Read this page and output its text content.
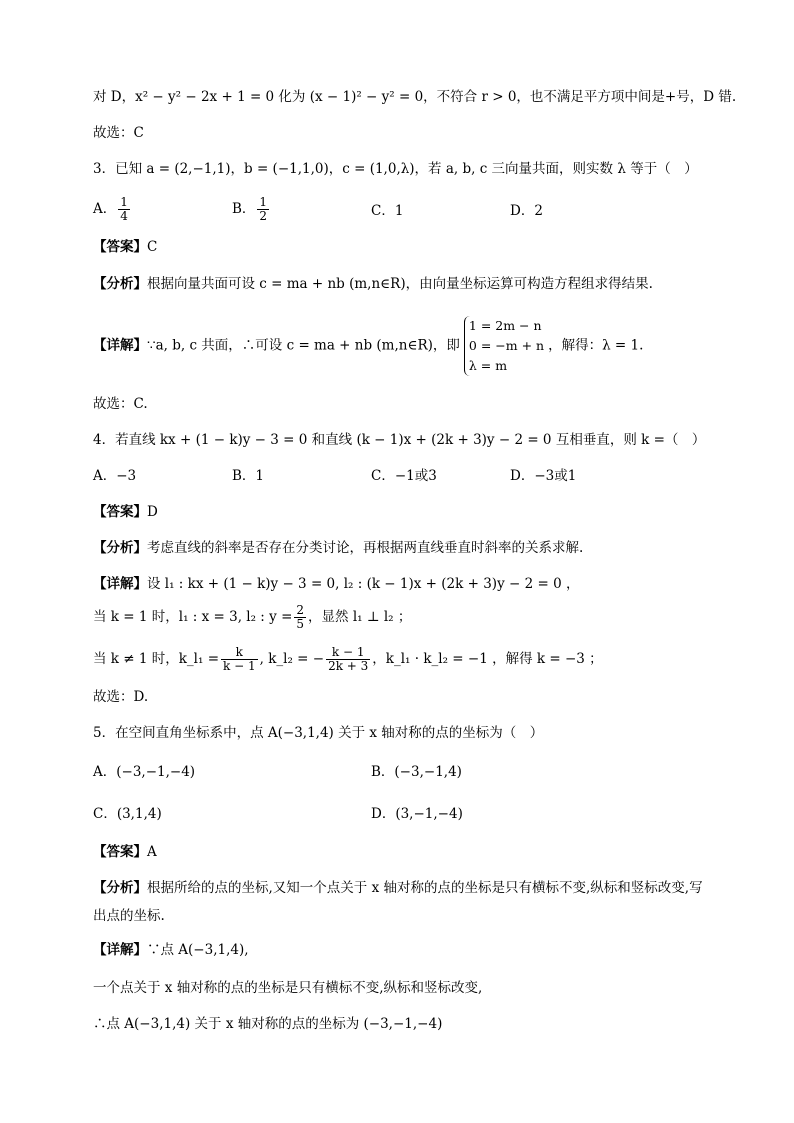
对 D，x² − y² − 2x + 1 = 0 化为 (x − 1)² − y² = 0，不符合 r > 0，也不满足平方项中间是+号，D 错.
故选：C
3．已知 a = (2,−1,1)，b = (−1,1,0)，c = (1,0,λ)，若 a, b, c 三向量共面，则实数 λ 等于（　）
A． $\frac{1}{4}$	B． $\frac{1}{2}$	C．1	D．2
【答案】C
【分析】根据向量共面可设 c = ma + nb (m,n∈R)，由向量坐标运算可构造方程组求得结果.
【详解】∵a, b, c 共面，∴可设 c = ma + nb (m,n∈R)，即
1 = 2m − n
0 = −m + n
λ = m
，解得：λ = 1.
故选：C.
4．若直线 kx + (1 − k)y − 3 = 0 和直线 (k − 1)x + (2k + 3)y − 2 = 0 互相垂直，则 k =（　）
A．−3	B．1	C．−1或3	D．−3或1
【答案】D
【分析】考虑直线的斜率是否存在分类讨论，再根据两直线垂直时斜率的关系求解.
【详解】设 l₁ : kx + (1 − k)y − 3 = 0, l₂ : (k − 1)x + (2k + 3)y − 2 = 0 ，
当 k = 1 时，l₁ : x = 3, l₂ : $y = \frac{2}{5}$ ，显然 l₁ ⊥ l₂ ；
当 k ≠ 1 时，k_l₁ = $\frac{k}{k - 1}$ , k_l₂ = − $\frac{k - 1}{2k + 3}$ ，k_l₁ · k_l₂ = −1 ，解得 k = −3 ；
故选：D.
5．在空间直角坐标系中，点 A(−3,1,4) 关于 x 轴对称的点的坐标为（　）
A．(−3,−1,−4)	B．(−3,−1,4)
C．(3,1,4)	D．(3,−1,−4)
【答案】A
【分析】根据所给的点的坐标,又知一个点关于 x 轴对称的点的坐标是只有横标不变,纵标和竖标改变,写出点的坐标.
【详解】∵点 A(−3,1,4),
一个点关于 x 轴对称的点的坐标是只有横标不变,纵标和竖标改变,
∴点 A(−3,1,4) 关于 x 轴对称的点的坐标为 (−3,−1,−4)
